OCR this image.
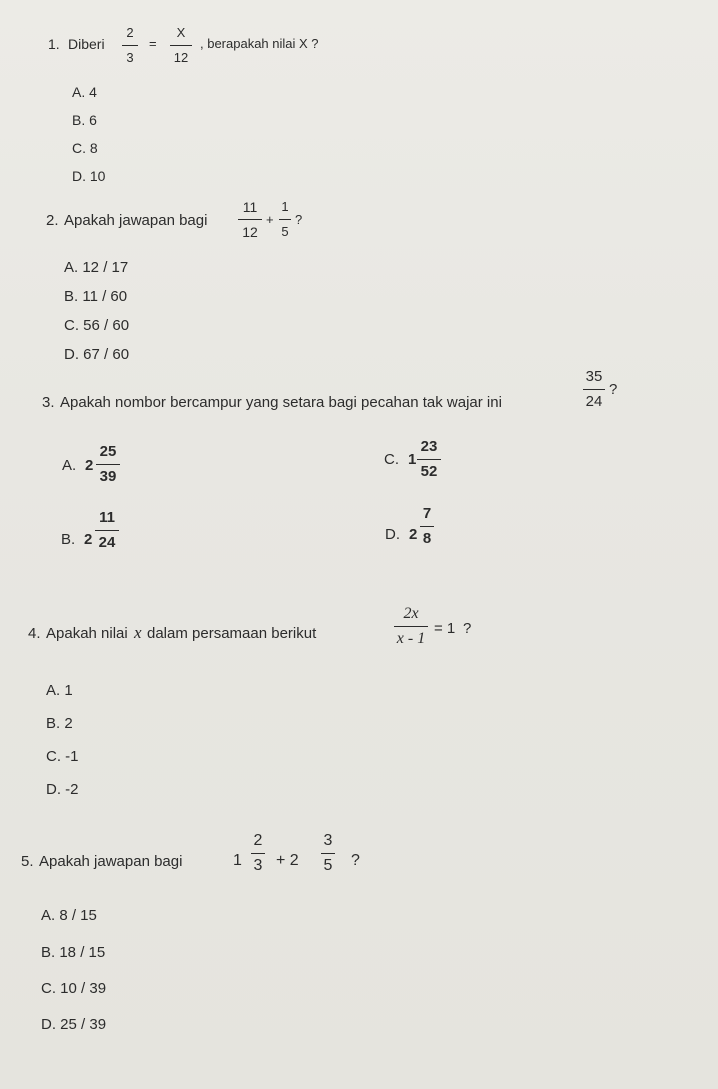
1. Diberi
2
3
=
X
12
, berapakah nilai X ?
A. 4
B. 6
C. 8
D. 10
2. Apakah jawapan bagi
11
12
+
1
5
?
A. 12 / 17
B. 11 / 60
C. 56 / 60
D. 67 / 60
3. Apakah nombor bercampur yang setara bagi pecahan tak wajar ini
35
24
?
A. 2
25
39
B. 2
11
24
C. 1
23
52
D. 2
7
8
4. Apakah nilai x dalam persamaan berikut
2x
x - 1
= 1 ?
A. 1
B. 2
C. -1
D. -2
5. Apakah jawapan bagi	1
2
3 + 2
3
5 ?
A. 8 / 15
B. 18 / 15
C. 10 / 39
D. 25 / 39
